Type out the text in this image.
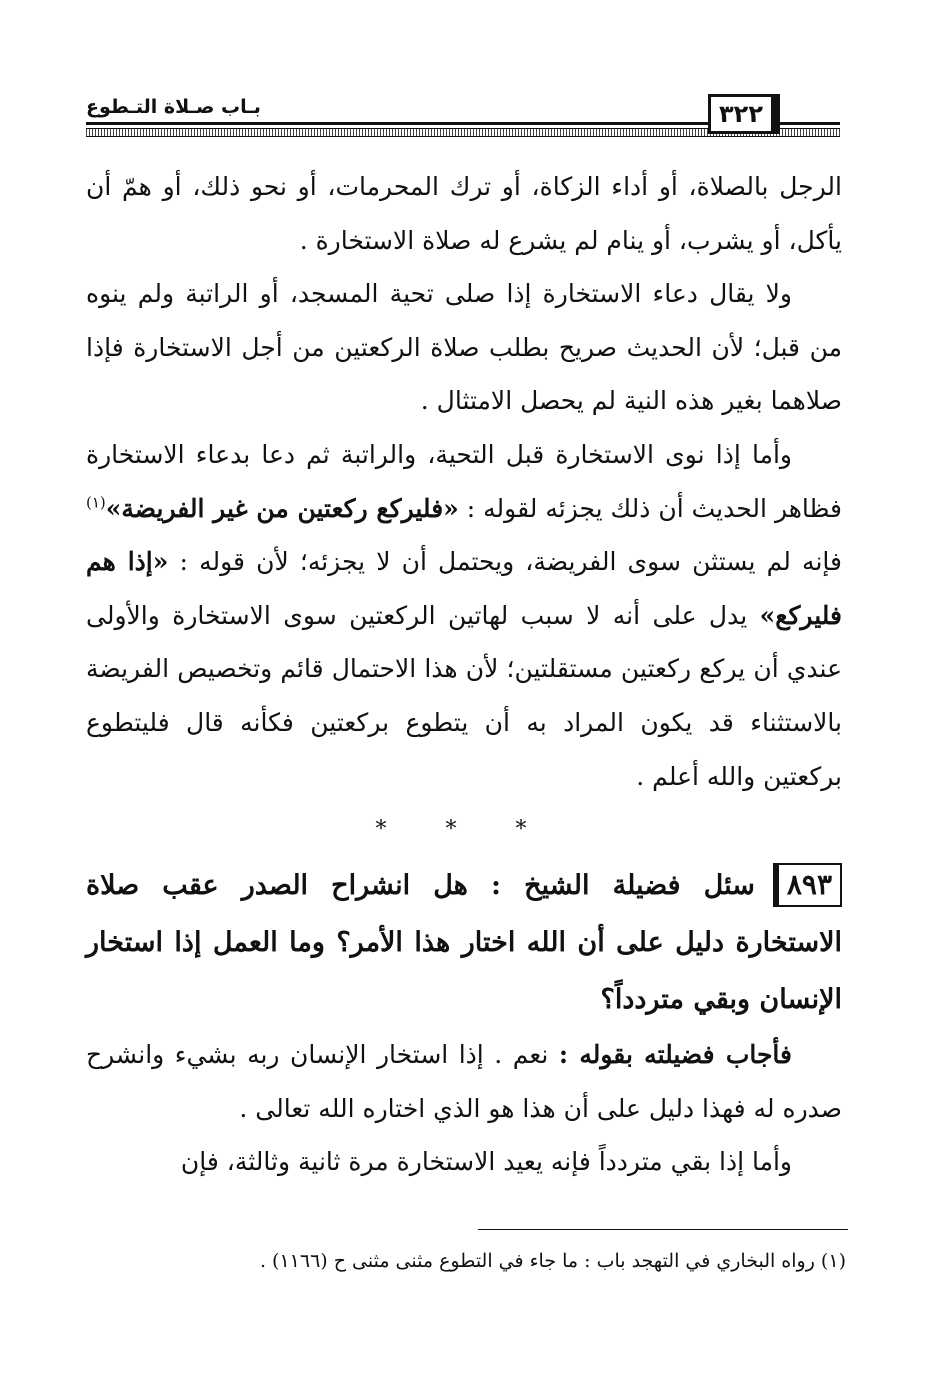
بـاب صـلاة التـطوع	٣٢٢

الرجل بالصلاة، أو أداء الزكاة، أو ترك المحرمات، أو نحو ذلك، أو همّ أن يأكل، أو يشرب، أو ينام لم يشرع له صلاة الاستخارة .

ولا يقال دعاء الاستخارة إذا صلى تحية المسجد، أو الراتبة ولم ينوه من قبل؛ لأن الحديث صريح بطلب صلاة الركعتين من أجل الاستخارة فإذا صلاهما بغير هذه النية لم يحصل الامتثال .

وأما إذا نوى الاستخارة قبل التحية، والراتبة ثم دعا بدعاء الاستخارة فظاهر الحديث أن ذلك يجزئه لقوله : «فليركع ركعتين من غير الفريضة»$^{(١)}$ فإنه لم يستثن سوى الفريضة، ويحتمل أن لا يجزئه؛ لأن قوله : «إذا هم فليركع» يدل على أنه لا سبب لهاتين الركعتين سوى الاستخارة والأولى عندي أن يركع ركعتين مستقلتين؛ لأن هذا الاحتمال قائم وتخصيص الفريضة بالاستثناء قد يكون المراد به أن يتطوع بركعتين فكأنه قال فليتطوع بركعتين والله أعلم .

* * *

٨٩٣سئل فضيلة الشيخ : هل انشراح الصدر عقب صلاة الاستخارة دليل على أن الله اختار هذا الأمر؟ وما العمل إذا استخار الإنسان وبقي متردداً؟

فأجاب فضيلته بقوله : نعم . إذا استخار الإنسان ربه بشيء وانشرح صدره له فهذا دليل على أن هذا هو الذي اختاره الله تعالى .

وأما إذا بقي متردداً فإنه يعيد الاستخارة مرة ثانية وثالثة، فإن

(١) رواه البخاري في التهجد باب : ما جاء في التطوع مثنى مثنى ح (١١٦٦) .
